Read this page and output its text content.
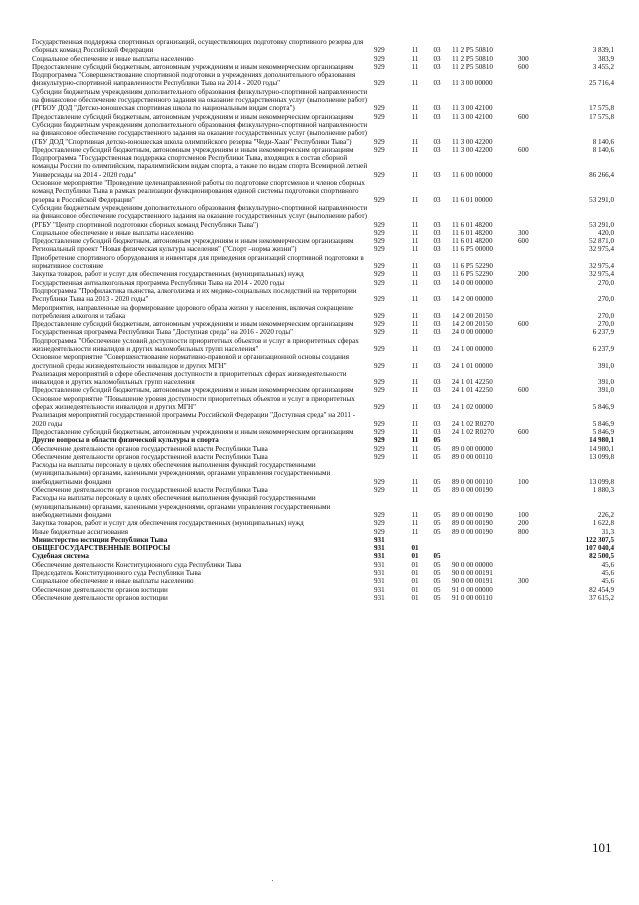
Государственная поддержка спортивных организаций, осуществляющих подготовку спортивного резерва для сборных команд Российской Федерации	929	11	03	11 2 P5 50810		3 839,1
Социальное обеспечение и иные выплаты населению	929	11	03	11 2 P5 50810	300	383,9
Предоставление субсидий бюджетным, автономным учреждениям и иным некоммерческим организациям	929	11	03	11 2 P5 50810	600	3 455,2
Подпрограмма "Совершенствование спортивной подготовки в учреждениях дополнительного образования физкультурно-спортивной направленности Республики Тыва на 2014 - 2020 годы"	929	11	03	11 3 00 00000		25 716,4
Субсидии бюджетным учреждениям дополнительного образования физкультурно-спортивной направленности на финансовое обеспечение государственного задания на оказание государственных услуг (выполнение работ) (РГБОУ ДОД "Детско-юношеская спортивная школа по национальным видам спорта")	929	11	03	11 3 00 42100		17 575,8
Предоставление субсидий бюджетным, автономным учреждениям и иным некоммерческим организациям	929	11	03	11 3 00 42100	600	17 575,8
Субсидии бюджетным учреждениям дополнительного образования физкультурно-спортивной направленности на финансовое обеспечение государственного задания на оказание государственных услуг (выполнение работ) (ГБУ ДОД "Спортивная детско-юношеская школа олимпийского резерва "Чеди-Хаан" Республики Тыва")	929	11	03	11 3 00 42200		8 140,6
Предоставление субсидий бюджетным, автономным учреждениям и иным некоммерческим организациям	929	11	03	11 3 00 42200	600	8 140,6
Подпрограмма "Государственная поддержка спортсменов Республики Тыва, входящих в состав сборной команды России по олимпийским, паралимпийским видам спорта, а также по видам спорта Всемирной летней Универсиады на 2014 - 2020 годы"	929	11	03	11 6 00 00000		86 266,4
Основное мероприятие "Проведение целенаправленной работы по подготовке спортсменов и членов сборных команд Республики Тыва в рамках реализации функционирования единой системы подготовки спортивного резерва в Российской Федерации"	929	11	03	11 6 01 00000		53 291,0
Субсидии бюджетным учреждениям дополнительного образования физкультурно-спортивной направленности на финансовое обеспечение государственного задания на оказание государственных услуг (выполнение работ) (РГБУ "Центр спортивной подготовки сборных команд Республики Тыва")	929	11	03	11 6 01 48200		53 291,0
Социальное обеспечение и иные выплаты населению	929	11	03	11 6 01 48200	300	420,0
Предоставление субсидий бюджетным, автономным учреждениям и иным некоммерческим организациям	929	11	03	11 6 01 48200	600	52 871,0
Региональный проект "Новая физическая культура населения" ("Спорт –норма жизни")	929	11	03	11 6 P5 00000		32 975,4
Приобретение спортивного оборудования и инвентаря для приведения организаций спортивной подготовки в нормативное состояние	929	11	03	11 6 P5 52290		32 975,4
Закупка товаров, работ и услуг для обеспечения государственных (муниципальных) нужд	929	11	03	11 6 P5 52290	200	32 975,4
Государственная антиалкогольная программа Республики Тыва на 2014 - 2020 годы	929	11	03	14 0 00 00000		270,0
Подпрограмма "Профилактика пьянства, алкоголизма и их медико-социальных последствий на территории Республики Тыва на 2013 - 2020 годы"	929	11	03	14 2 00 00000		270,0
Мероприятия, направленные на формирование здорового образа жизни у населения, включая сокращение потребления алкоголя и табака	929	11	03	14 2 00 20150		270,0
Предоставление субсидий бюджетным, автономным учреждениям и иным некоммерческим организациям	929	11	03	14 2 00 20150	600	270,0
Государственная программа Республики Тыва "Доступная среда" на 2016 - 2020 годы"	929	11	03	24 0 00 00000		6 237,9
Подпрограмма "Обеспечение условий доступности приоритетных объектов и услуг в приоритетных сферах жизнедеятельности инвалидов и других маломобильных групп населения"	929	11	03	24 1 00 00000		6 237,9
Основное мероприятие "Совершенствование нормативно-правовой и организационной основы создания доступной среды жизнедеятельности инвалидов и других МГН"	929	11	03	24 1 01 00000		391,0
Реализация мероприятий в сфере обеспечения доступности в приоритетных сферах жизнедеятельности инвалидов и других маломобильных групп населения	929	11	03	24 1 01 42250		391,0
Предоставление субсидий бюджетным, автономным учреждениям и иным некоммерческим организациям	929	11	03	24 1 01 42250	600	391,0
Основное мероприятие "Повышение уровня доступности приоритетных объектов и услуг в приоритетных сферах жизнедеятельности инвалидов и других МГН"	929	11	03	24 1 02 00000		5 846,9
Реализация мероприятий государственной программы Российской Федерации "Доступная среда" на 2011 - 2020 годы	929	11	03	24 1 02 R0270		5 846,9
Предоставление субсидий бюджетным, автономным учреждениям и иным некоммерческим организациям	929	11	03	24 1 02 R0270	600	5 846,9
Другие вопросы в области физической культуры и спорта	929	11	05			14 980,1
Обеспечение деятельности органов государственной власти Республики Тыва	929	11	05	89 0 00 00000		14 980,1
Обеспечение деятельности органов государственной власти Республики Тыва	929	11	05	89 0 00 00110		13 099,8
Расходы на выплаты персоналу в целях обеспечения выполнения функций государственными (муниципальными) органами, казенными учреждениями, органами управления государственными внебюджетными фондами	929	11	05	89 0 00 00110	100	13 099,8
Обеспечение деятельности органов государственной власти Республики Тыва	929	11	05	89 0 00 00190		1 880,3
Расходы на выплаты персоналу в целях обеспечения выполнения функций государственными (муниципальными) органами, казенными учреждениями, органами управления государственными внебюджетными фондами	929	11	05	89 0 00 00190	100	226,2
Закупка товаров, работ и услуг для обеспечения государственных (муниципальных) нужд	929	11	05	89 0 00 00190	200	1 622,8
Иные бюджетные ассигнования	929	11	05	89 0 00 00190	800	31,3
Министерство юстиции Республики Тыва	931					122 307,5
ОБЩЕГОСУДАРСТВЕННЫЕ ВОПРОСЫ	931	01				107 040,4
Судебная система	931	01	05			82 500,5
Обеспечение деятельности Конституционного суда Республики Тыва	931	01	05	90 0 00 00000		45,6
Председатель Конституционного суда Республики Тыва	931	01	05	90 0 00 00191		45,6
Социальное обеспечение и иные выплаты населению	931	01	05	90 0 00 00191	300	45,6
Обеспечение деятельности органов юстиции	931	01	05	91 0 00 00000		82 454,9
Обеспечение деятельности органов юстиции	931	01	05	91 0 00 00110		37 615,2
101
